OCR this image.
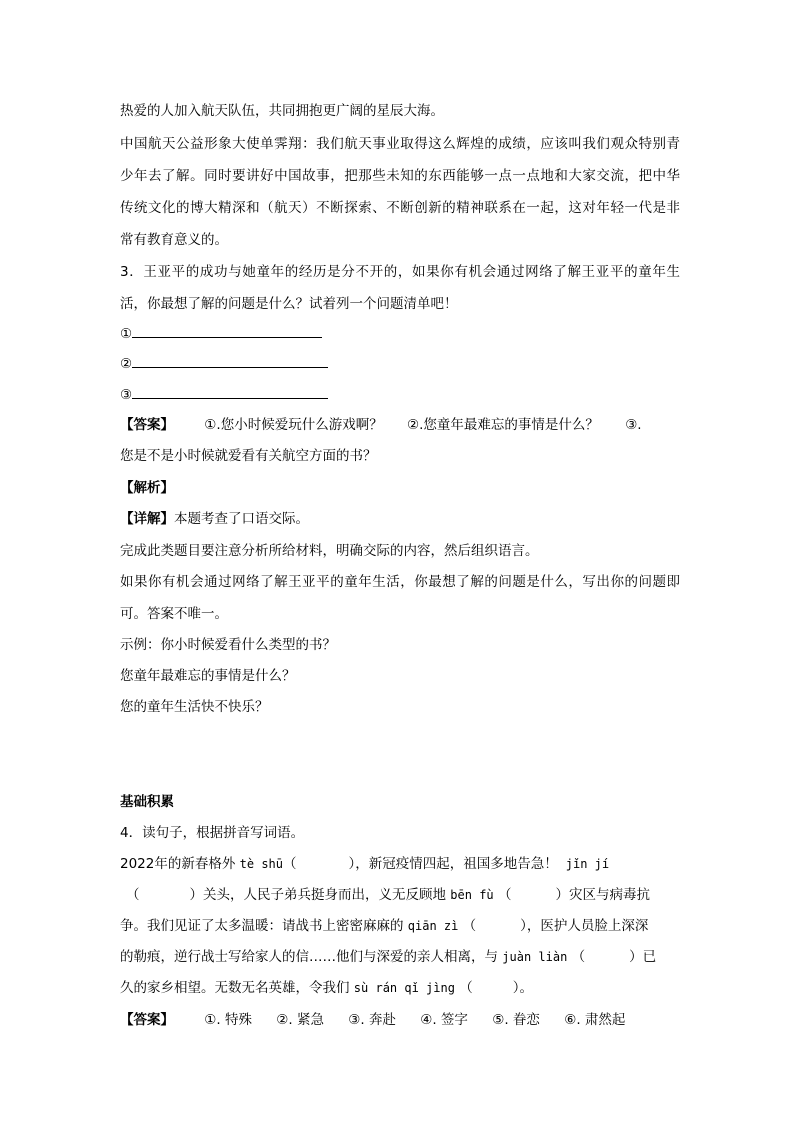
热爱的人加入航天队伍，共同拥抱更广阔的星辰大海。
中国航天公益形象大使单霁翔：我们航天事业取得这么辉煌的成绩，应该叫我们观众特别青
少年去了解。同时要讲好中国故事，把那些未知的东西能够一点一点地和大家交流，把中华
传统文化的博大精深和（航天）不断探索、不断创新的精神联系在一起，这对年轻一代是非
常有教育意义的。
3．王亚平的成功与她童年的经历是分不开的，如果你有机会通过网络了解王亚平的童年生
活，你最想了解的问题是什么？试着列一个问题清单吧！
①
②
③
【答案】 ①.您小时候爱玩什么游戏啊？ ②.您童年最难忘的事情是什么？ ③.
您是不是小时候就爱看有关航空方面的书？
【解析】
【详解】本题考查了口语交际。
完成此类题目要注意分析所给材料，明确交际的内容，然后组织语言。
如果你有机会通过网络了解王亚平的童年生活，你最想了解的问题是什么，写出你的问题即
可。答案不唯一。
示例：你小时候爱看什么类型的书？
您童年最难忘的事情是什么？
您的童年生活快不快乐？
基础积累
4．读句子，根据拼音写词语。
2022年的新春格外 tè shū（	），新冠疫情四起，祖国多地告急！ jǐn jí
（	）关头，人民子弟兵挺身而出，义无反顾地 bēn fù （	）灾区与病毒抗
争。我们见证了太多温暖：请战书上密密麻麻的 qiān zì （	），医护人员脸上深深
的勒痕，逆行战士写给家人的信……他们与深爱的亲人相离，与 juàn liàn （	）已
久的家乡相望。无数无名英雄，令我们 sù rán qǐ jìng （	）。
【答案】 ①. 特殊 ②. 紧急 ③. 奔赴 ④. 签字 ⑤. 眷恋 ⑥. 肃然起
